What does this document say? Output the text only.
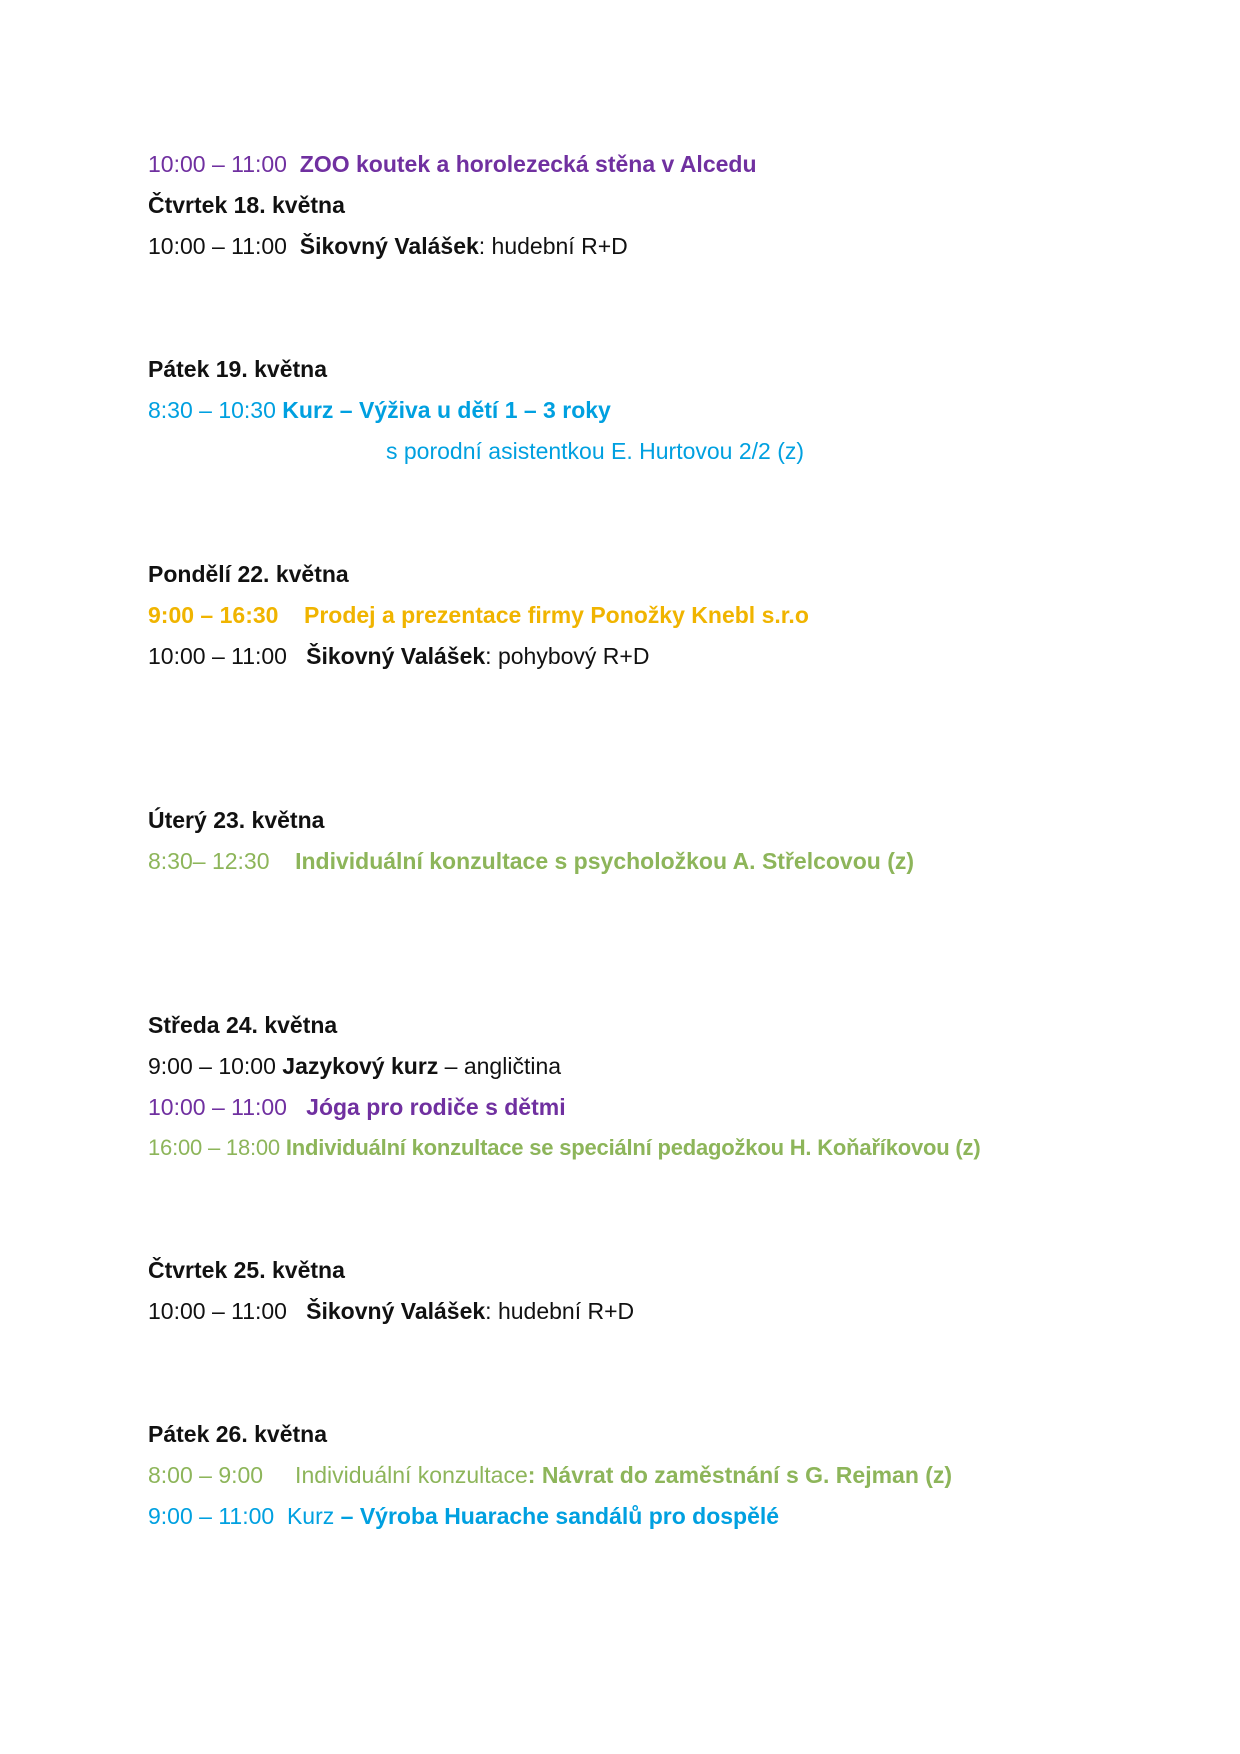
10:00 – 11:00  ZOO koutek a horolezecká stěna v Alcedu
Čtvrtek 18. května
10:00 – 11:00  Šikovný Valášek: hudební R+D
Pátek 19. května
8:30 – 10:30 Kurz – Výživa u dětí 1 – 3 roky
s porodní asistentkou E. Hurtovou 2/2 (z)
Pondělí 22. května
9:00 – 16:30    Prodej a prezentace firmy Ponožky Knebl s.r.o
10:00 – 11:00   Šikovný Valášek: pohybový R+D
Úterý 23. května
8:30– 12:30    Individuální konzultace s psycholožkou A. Střelcovou (z)
Středa 24. května
9:00 – 10:00 Jazykový kurz – angličtina
10:00 – 11:00   Jóga pro rodiče s dětmi
16:00 – 18:00 Individuální konzultace se speciální pedagožkou H. Koňaříkovou (z)
Čtvrtek 25. května
10:00 – 11:00   Šikovný Valášek: hudební R+D
Pátek 26. května
8:00 – 9:00     Individuální konzultace: Návrat do zaměstnání s G. Rejman (z)
9:00 – 11:00  Kurz – Výroba Huarache sandálů pro dospělé
